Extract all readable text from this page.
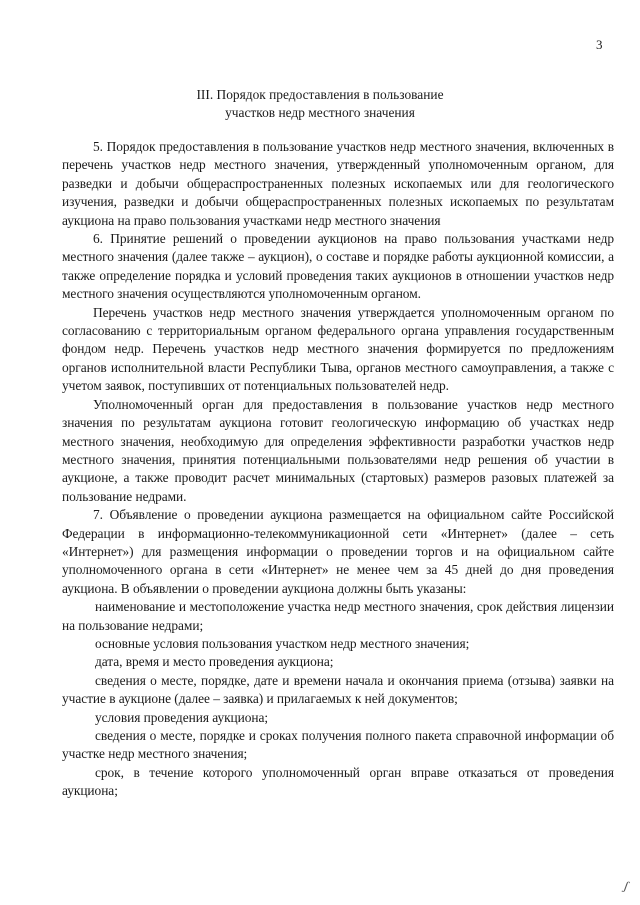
3
III. Порядок предоставления в пользование
участков недр местного значения

5. Порядок предоставления в пользование участков недр местного значения, включенных в перечень участков недр местного значения, утвержденный уполномоченным органом, для разведки и добычи общераспространенных полезных ископаемых или для геологического изучения, разведки и добычи общераспространенных полезных ископаемых по результатам аукциона на право пользования участками недр местного значения

6. Принятие решений о проведении аукционов на право пользования участками недр местного значения (далее также – аукцион), о составе и порядке работы аукционной комиссии, а также определение порядка и условий проведения таких аукционов в отношении участков недр местного значения осуществляются уполномоченным органом.

Перечень участков недр местного значения утверждается уполномоченным органом по согласованию с территориальным органом федерального органа управления государственным фондом недр. Перечень участков недр местного значения формируется по предложениям органов исполнительной власти Республики Тыва, органов местного самоуправления, а также с учетом заявок, поступивших от потенциальных пользователей недр.

Уполномоченный орган для предоставления в пользование участков недр местного значения по результатам аукциона готовит геологическую информацию об участках недр местного значения, необходимую для определения эффективности разработки участков недр местного значения, принятия потенциальными пользователями недр решения об участии в аукционе, а также проводит расчет минимальных (стартовых) размеров разовых платежей за пользование недрами.

7. Объявление о проведении аукциона размещается на официальном сайте Российской Федерации в информационно-телекоммуникационной сети «Интернет» (далее – сеть «Интернет») для размещения информации о проведении торгов и на официальном сайте уполномоченного органа в сети «Интернет» не менее чем за 45 дней до дня проведения аукциона. В объявлении о проведении аукциона должны быть указаны:

наименование и местоположение участка недр местного значения, срок действия лицензии на пользование недрами;

основные условия пользования участком недр местного значения;

дата, время и место проведения аукциона;

сведения о месте, порядке, дате и времени начала и окончания приема (отзыва) заявки на участие в аукционе (далее – заявка) и прилагаемых к ней документов;

условия проведения аукциона;

сведения о месте, порядке и сроках получения полного пакета справочной информации об участке недр местного значения;

срок, в течение которого уполномоченный орган вправе отказаться от проведения аукциона;

ʃ
